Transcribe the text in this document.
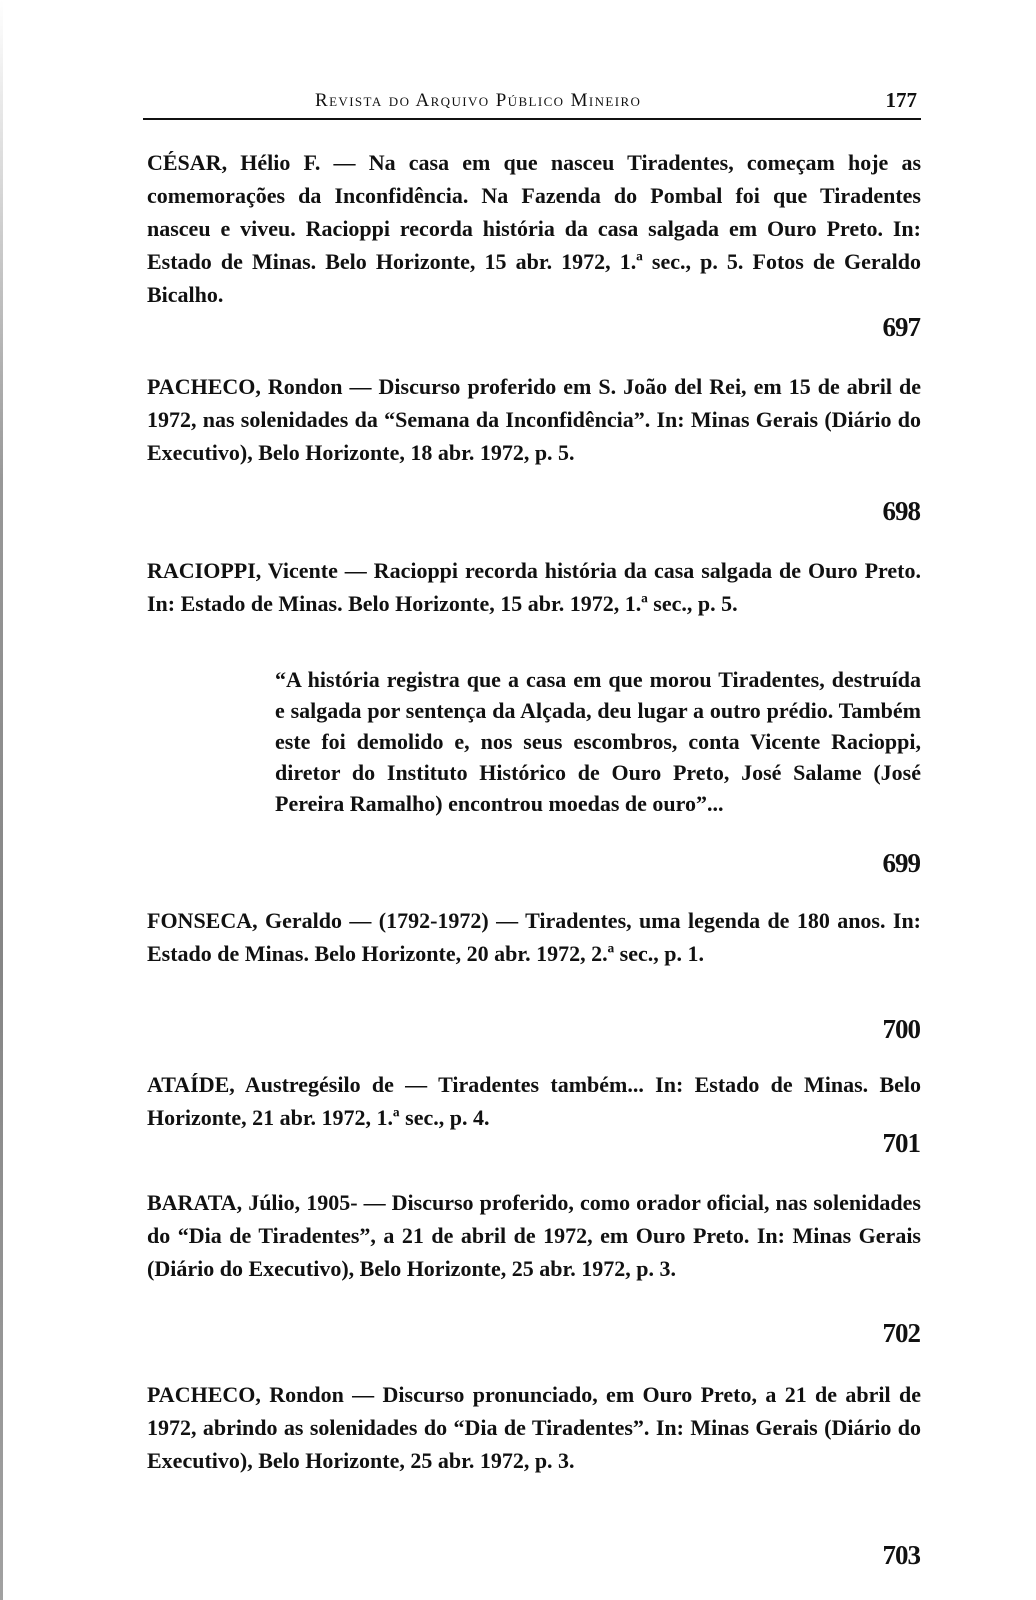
Revista do Arquivo Público Mineiro	177

CÉSAR, Hélio F. — Na casa em que nasceu Tiradentes, começam hoje as comemorações da Inconfidência. Na Fazenda do Pombal foi que Tiradentes nasceu e viveu. Racioppi recorda história da casa salgada em Ouro Preto. In: Estado de Minas. Belo Horizonte, 15 abr. 1972, 1.ª sec., p. 5. Fotos de Geraldo Bicalho.

697

PACHECO, Rondon — Discurso proferido em S. João del Rei, em 15 de abril de 1972, nas solenidades da “Semana da Inconfidência”. In: Minas Gerais (Diário do Executivo), Belo Horizonte, 18 abr. 1972, p. 5.

698

RACIOPPI, Vicente — Racioppi recorda história da casa salgada de Ouro Preto. In: Estado de Minas. Belo Horizonte, 15 abr. 1972, 1.ª sec., p. 5.

“A história registra que a casa em que morou Tiradentes, destruída e salgada por sentença da Alçada, deu lugar a outro prédio. Também este foi demolido e, nos seus escombros, conta Vicente Racioppi, diretor do Instituto Histórico de Ouro Preto, José Salame (José Pereira Ramalho) encontrou moedas de ouro”...
699

FONSECA, Geraldo — (1792-1972) — Tiradentes, uma legenda de 180 anos. In: Estado de Minas. Belo Horizonte, 20 abr. 1972, 2.ª sec., p. 1.

700

ATAÍDE, Austregésilo de — Tiradentes também... In: Estado de Minas. Belo Horizonte, 21 abr. 1972, 1.ª sec., p. 4.

701

BARATA, Júlio, 1905- — Discurso proferido, como orador oficial, nas solenidades do “Dia de Tiradentes”, a 21 de abril de 1972, em Ouro Preto. In: Minas Gerais (Diário do Executivo), Belo Horizonte, 25 abr. 1972, p. 3.

702

PACHECO, Rondon — Discurso pronunciado, em Ouro Preto, a 21 de abril de 1972, abrindo as solenidades do “Dia de Tiradentes”. In: Minas Gerais (Diário do Executivo), Belo Horizonte, 25 abr. 1972, p. 3.

703
